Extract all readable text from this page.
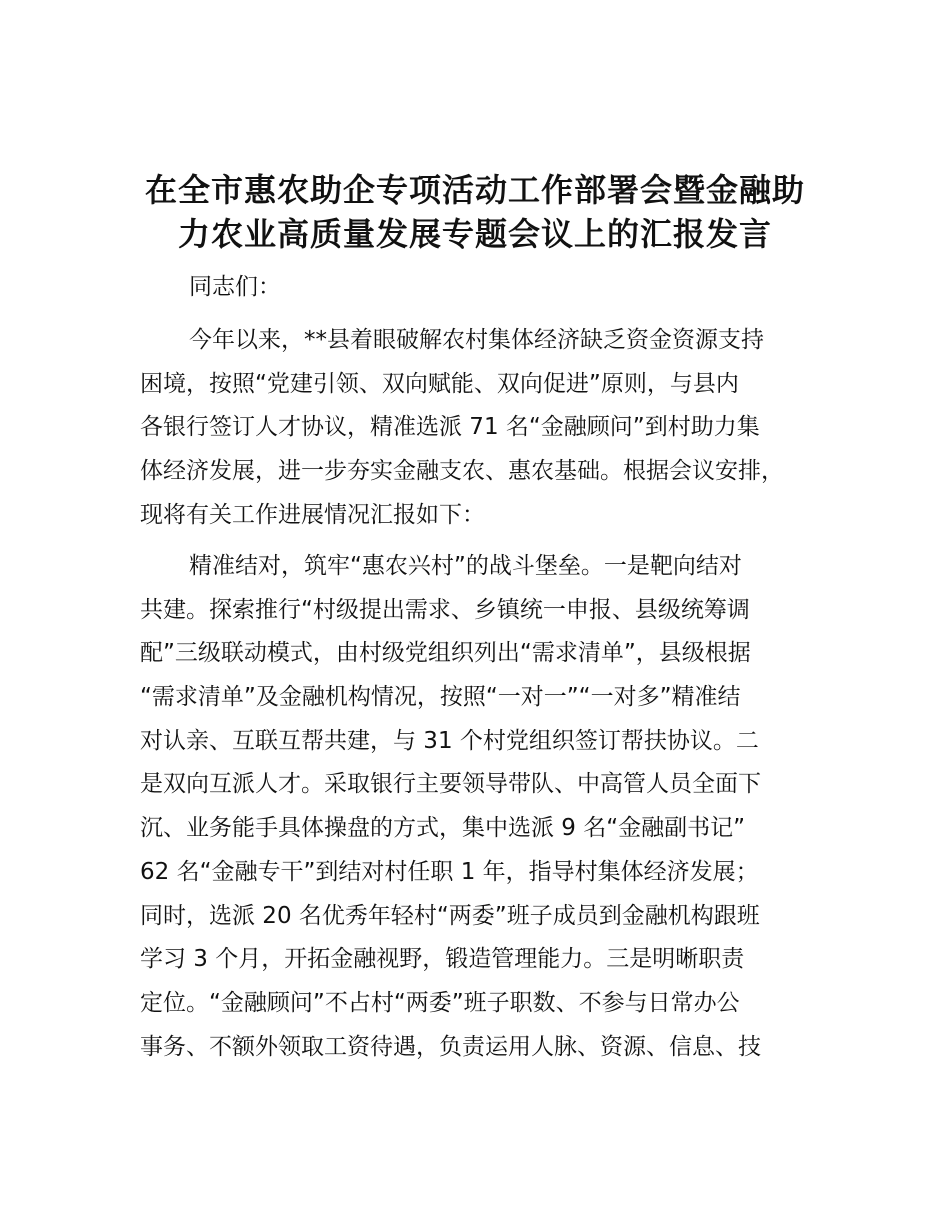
在全市惠农助企专项活动工作部署会暨金融助
力农业高质量发展专题会议上的汇报发言
同志们：
今年以来，**县着眼破解农村集体经济缺乏资金资源支持
困境，按照“党建引领、双向赋能、双向促进”原则，与县内
各银行签订人才协议，精准选派 71 名“金融顾问”到村助力集
体经济发展，进一步夯实金融支农、惠农基础。根据会议安排，
现将有关工作进展情况汇报如下：
精准结对，筑牢“惠农兴村”的战斗堡垒。一是靶向结对
共建。探索推行“村级提出需求、乡镇统一申报、县级统筹调
配”三级联动模式，由村级党组织列出“需求清单”，县级根据
“需求清单”及金融机构情况，按照“一对一”“一对多”精准结
对认亲、互联互帮共建，与 31 个村党组织签订帮扶协议。二
是双向互派人才。采取银行主要领导带队、中高管人员全面下
沉、业务能手具体操盘的方式，集中选派 9 名“金融副书记”
62 名“金融专干”到结对村任职 1 年，指导村集体经济发展；
同时，选派 20 名优秀年轻村“两委”班子成员到金融机构跟班
学习 3 个月，开拓金融视野，锻造管理能力。三是明晰职责
定位。“金融顾问”不占村“两委”班子职数、不参与日常办公
事务、不额外领取工资待遇，负责运用人脉、资源、信息、技
